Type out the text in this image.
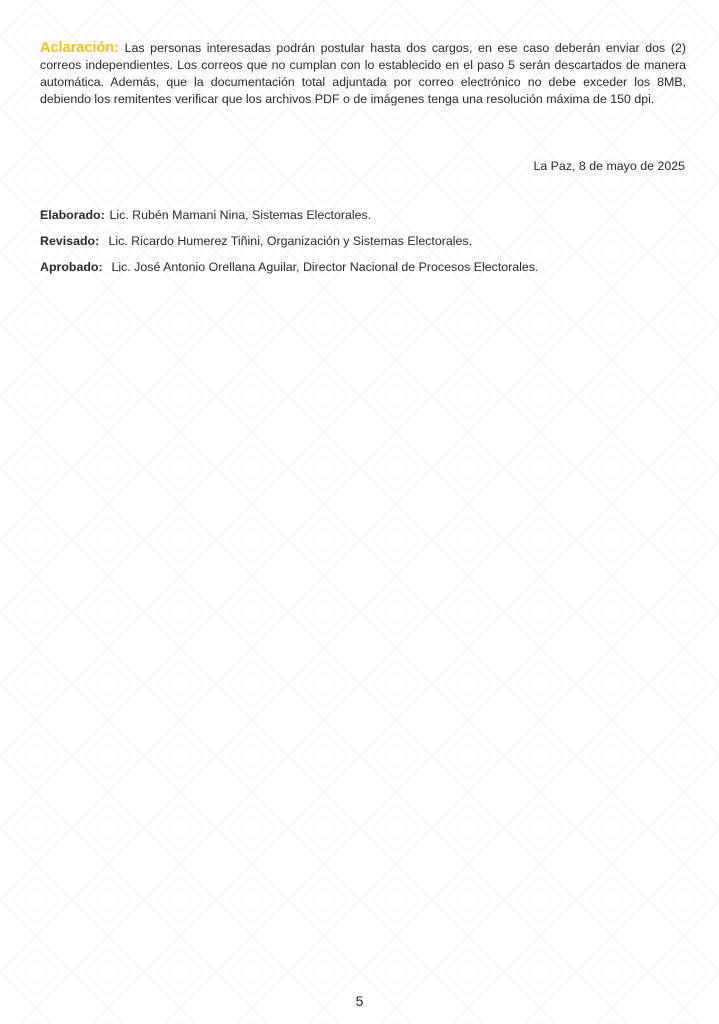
Aclaración: Las personas interesadas podrán postular hasta dos cargos, en ese caso deberán enviar dos (2) correos independientes. Los correos que no cumplan con lo establecido en el paso 5 serán descartados de manera automática. Además, que la documentación total adjuntada por correo electrónico no debe exceder los 8MB, debiendo los remitentes verificar que los archivos PDF o de imágenes tenga una resolución máxima de 150 dpi.
La Paz, 8 de mayo de 2025
Elaborado: Lic. Rubén Mamani Nina, Sistemas Electorales.
Revisado: Lic. Ricardo Humerez Tiñini, Organización y Sistemas Electorales.
Aprobado: Lic. José Antonio Orellana Aguilar, Director Nacional de Procesos Electorales.
5
